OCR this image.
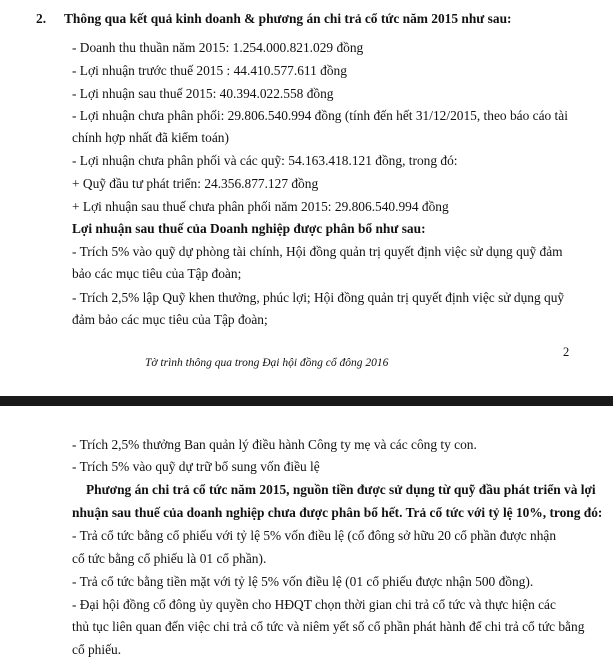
2. Thông qua kết quả kinh doanh & phương án chi trả cổ tức năm 2015 như sau:
- Doanh thu thuần năm 2015: 1.254.000.821.029 đồng
- Lợi nhuận trước thuế 2015 : 44.410.577.611 đồng
- Lợi nhuận sau thuế 2015: 40.394.022.558 đồng
- Lợi nhuận chưa phân phối: 29.806.540.994 đồng (tính đến hết 31/12/2015, theo báo cáo tài
chính hợp nhất đã kiểm toán)
- Lợi nhuận chưa phân phối và các quỹ: 54.163.418.121 đồng, trong đó:
+ Quỹ đầu tư phát triển: 24.356.877.127 đồng
+ Lợi nhuận sau thuế chưa phân phối năm 2015: 29.806.540.994 đồng
Lợi nhuận sau thuế của Doanh nghiệp được phân bổ như sau:
- Trích 5% vào quỹ dự phòng tài chính, Hội đồng quản trị quyết định việc sử dụng quỹ đảm
bảo các mục tiêu của Tập đoàn;
- Trích 2,5% lập Quỹ khen thưởng, phúc lợi; Hội đồng quản trị quyết định việc sử dụng quỹ
đảm bảo các mục tiêu của Tập đoàn;
2
Tờ trình thông qua trong Đại hội đồng cổ đông 2016
- Trích 2,5% thưởng Ban quản lý điều hành Công ty mẹ và các công ty con.
- Trích 5% vào quỹ dự trữ bổ sung vốn điều lệ
Phương án chi trả cổ tức năm 2015, nguồn tiền được sử dụng từ quỹ đầu phát triển và lợi
nhuận sau thuế của doanh nghiệp chưa được phân bổ hết. Trả cổ tức với tỷ lệ 10%, trong đó:
- Trả cổ tức bằng cổ phiếu với tỷ lệ 5% vốn điều lệ (cổ đông sở hữu 20 cổ phần được nhận
cổ tức bằng cổ phiếu là 01 cổ phần).
- Trả cổ tức bằng tiền mặt với tỷ lệ 5% vốn điều lệ (01 cổ phiếu được nhận 500 đồng).
- Đại hội đồng cổ đông ủy quyền cho HĐQT chọn thời gian chi trả cổ tức và thực hiện các
thủ tục liên quan đến việc chi trả cổ tức và niêm yết số cổ phần phát hành để chi trả cổ tức bằng
cổ phiếu.
